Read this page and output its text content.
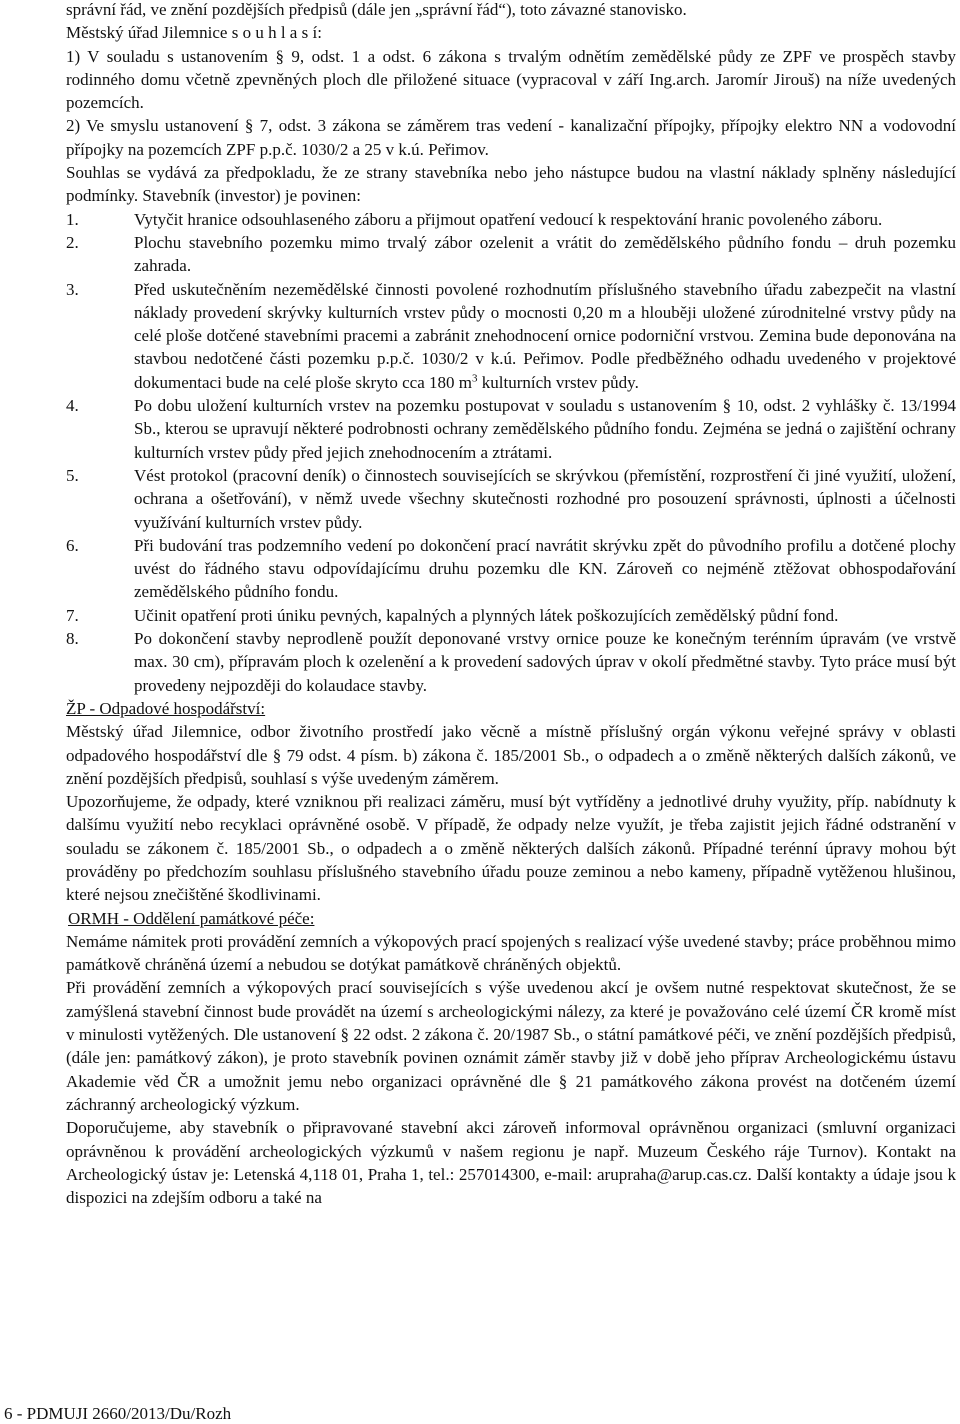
správní řád, ve znění pozdějších předpisů (dále jen „správní řád“), toto závazné stanovisko.

Městský úřad Jilemnice s o u h l a s í:

1) V souladu s ustanovením § 9, odst. 1 a odst. 6 zákona s trvalým odnětím zemědělské půdy ze ZPF ve prospěch stavby rodinného domu včetně zpevněných ploch dle přiložené situace (vypracoval v září Ing.arch. Jaromír Jirouš) na níže uvedených pozemcích.

2) Ve smyslu ustanovení § 7, odst. 3 zákona se záměrem tras vedení - kanalizační přípojky, přípojky elektro NN a vodovodní přípojky na pozemcích ZPF p.p.č. 1030/2 a 25 v k.ú. Peřimov.

Souhlas se vydává za předpokladu, že ze strany stavebníka nebo jeho nástupce budou na vlastní náklady splněny následující podmínky. Stavebník (investor) je povinen:

1.	Vytyčit hranice odsouhlaseného záboru a přijmout opatření vedoucí k respektování hranic povoleného záboru.
2.	Plochu stavebního pozemku mimo trvalý zábor ozelenit a vrátit do zemědělského půdního fondu – druh pozemku zahrada.
3.	Před uskutečněním nezemědělské činnosti povolené rozhodnutím příslušného stavebního úřadu zabezpečit na vlastní náklady provedení skrývky kulturních vrstev půdy o mocnosti 0,20 m a hlouběji uložené zúrodnitelné vrstvy půdy na celé ploše dotčené stavebními pracemi a zabránit znehodnocení ornice podorniční vrstvou. Zemina bude deponována na stavbou nedotčené části pozemku p.p.č. 1030/2 v k.ú. Peřimov. Podle předběžného odhadu uvedeného v projektové dokumentaci bude na celé ploše skryto cca 180 $m^3$ kulturních vrstev půdy.
4.	Po dobu uložení kulturních vrstev na pozemku postupovat v souladu s ustanovením § 10, odst. 2 vyhlášky č. 13/1994 Sb., kterou se upravují některé podrobnosti ochrany zemědělského půdního fondu. Zejména se jedná o zajištění ochrany kulturních vrstev půdy před jejich znehodnocením a ztrátami.
5.	Vést protokol (pracovní deník) o činnostech souvisejících se skrývkou (přemístění, rozprostření či jiné využití, uložení, ochrana a ošetřování), v němž uvede všechny skutečnosti rozhodné pro posouzení správnosti, úplnosti a účelnosti využívání kulturních vrstev půdy.
6.	Při budování tras podzemního vedení po dokončení prací navrátit skrývku zpět do původního profilu a dotčené plochy uvést do řádného stavu odpovídajícímu druhu pozemku dle KN. Zároveň co nejméně ztěžovat obhospodařování zemědělského půdního fondu.
7.	Učinit opatření proti úniku pevných, kapalných a plynných látek poškozujících zemědělský půdní fond.
8.	Po dokončení stavby neprodleně použít deponované vrstvy ornice pouze ke konečným terénním úpravám (ve vrstvě max. 30 cm), přípravám ploch k ozelenění a k provedení sadových úprav v okolí předmětné stavby. Tyto práce musí být provedeny nejpozději do kolaudace stavby.

ŽP - Odpadové hospodářství:

Městský úřad Jilemnice, odbor životního prostředí jako věcně a místně příslušný orgán výkonu veřejné správy v oblasti odpadového hospodářství dle § 79 odst. 4 písm. b) zákona č. 185/2001 Sb., o odpadech a o změně některých dalších zákonů, ve znění pozdějších předpisů, souhlasí s výše uvedeným záměrem.

Upozorňujeme, že odpady, které vzniknou při realizaci záměru, musí být vytříděny a jednotlivé druhy využity, příp. nabídnuty k dalšímu využití nebo recyklaci oprávněné osobě. V případě, že odpady nelze využít, je třeba zajistit jejich řádné odstranění v souladu se zákonem č. 185/2001 Sb., o odpadech a o změně některých dalších zákonů. Případné terénní úpravy mohou být prováděny po předchozím souhlasu příslušného stavebního úřadu pouze zeminou a nebo kameny, případně vytěženou hlušinou, které nejsou znečištěné škodlivinami.

ORMH - Oddělení památkové péče:

Nemáme námitek proti provádění zemních a výkopových prací spojených s realizací výše uvedené stavby; práce proběhnou mimo památkově chráněná území a nebudou se dotýkat památkově chráněných objektů.

Při provádění zemních a výkopových prací souvisejících s výše uvedenou akcí je ovšem nutné respektovat skutečnost, že se zamýšlená stavební činnost bude provádět na území s archeologickými nálezy, za které je považováno celé území ČR kromě míst v minulosti vytěžených. Dle ustanovení § 22 odst. 2 zákona č. 20/1987 Sb., o státní památkové péči, ve znění pozdějších předpisů, (dále jen: památkový zákon), je proto stavebník povinen oznámit záměr stavby již v době jeho příprav Archeologickému ústavu Akademie věd ČR a umožnit jemu nebo organizaci oprávněné dle § 21 památkového zákona provést na dotčeném území záchranný archeologický výzkum.

Doporučujeme, aby stavebník o připravované stavební akci zároveň informoval oprávněnou organizaci (smluvní organizaci oprávněnou k provádění archeologických výzkumů v našem regionu je např. Muzeum Českého ráje Turnov). Kontakt na Archeologický ústav je: Letenská 4,118 01, Praha 1, tel.: 257014300, e-mail: arupraha@arup.cas.cz. Další kontakty a údaje jsou k dispozici na zdejším odboru a také na

6 - PDMUJI 2660/2013/Du/Rozh
